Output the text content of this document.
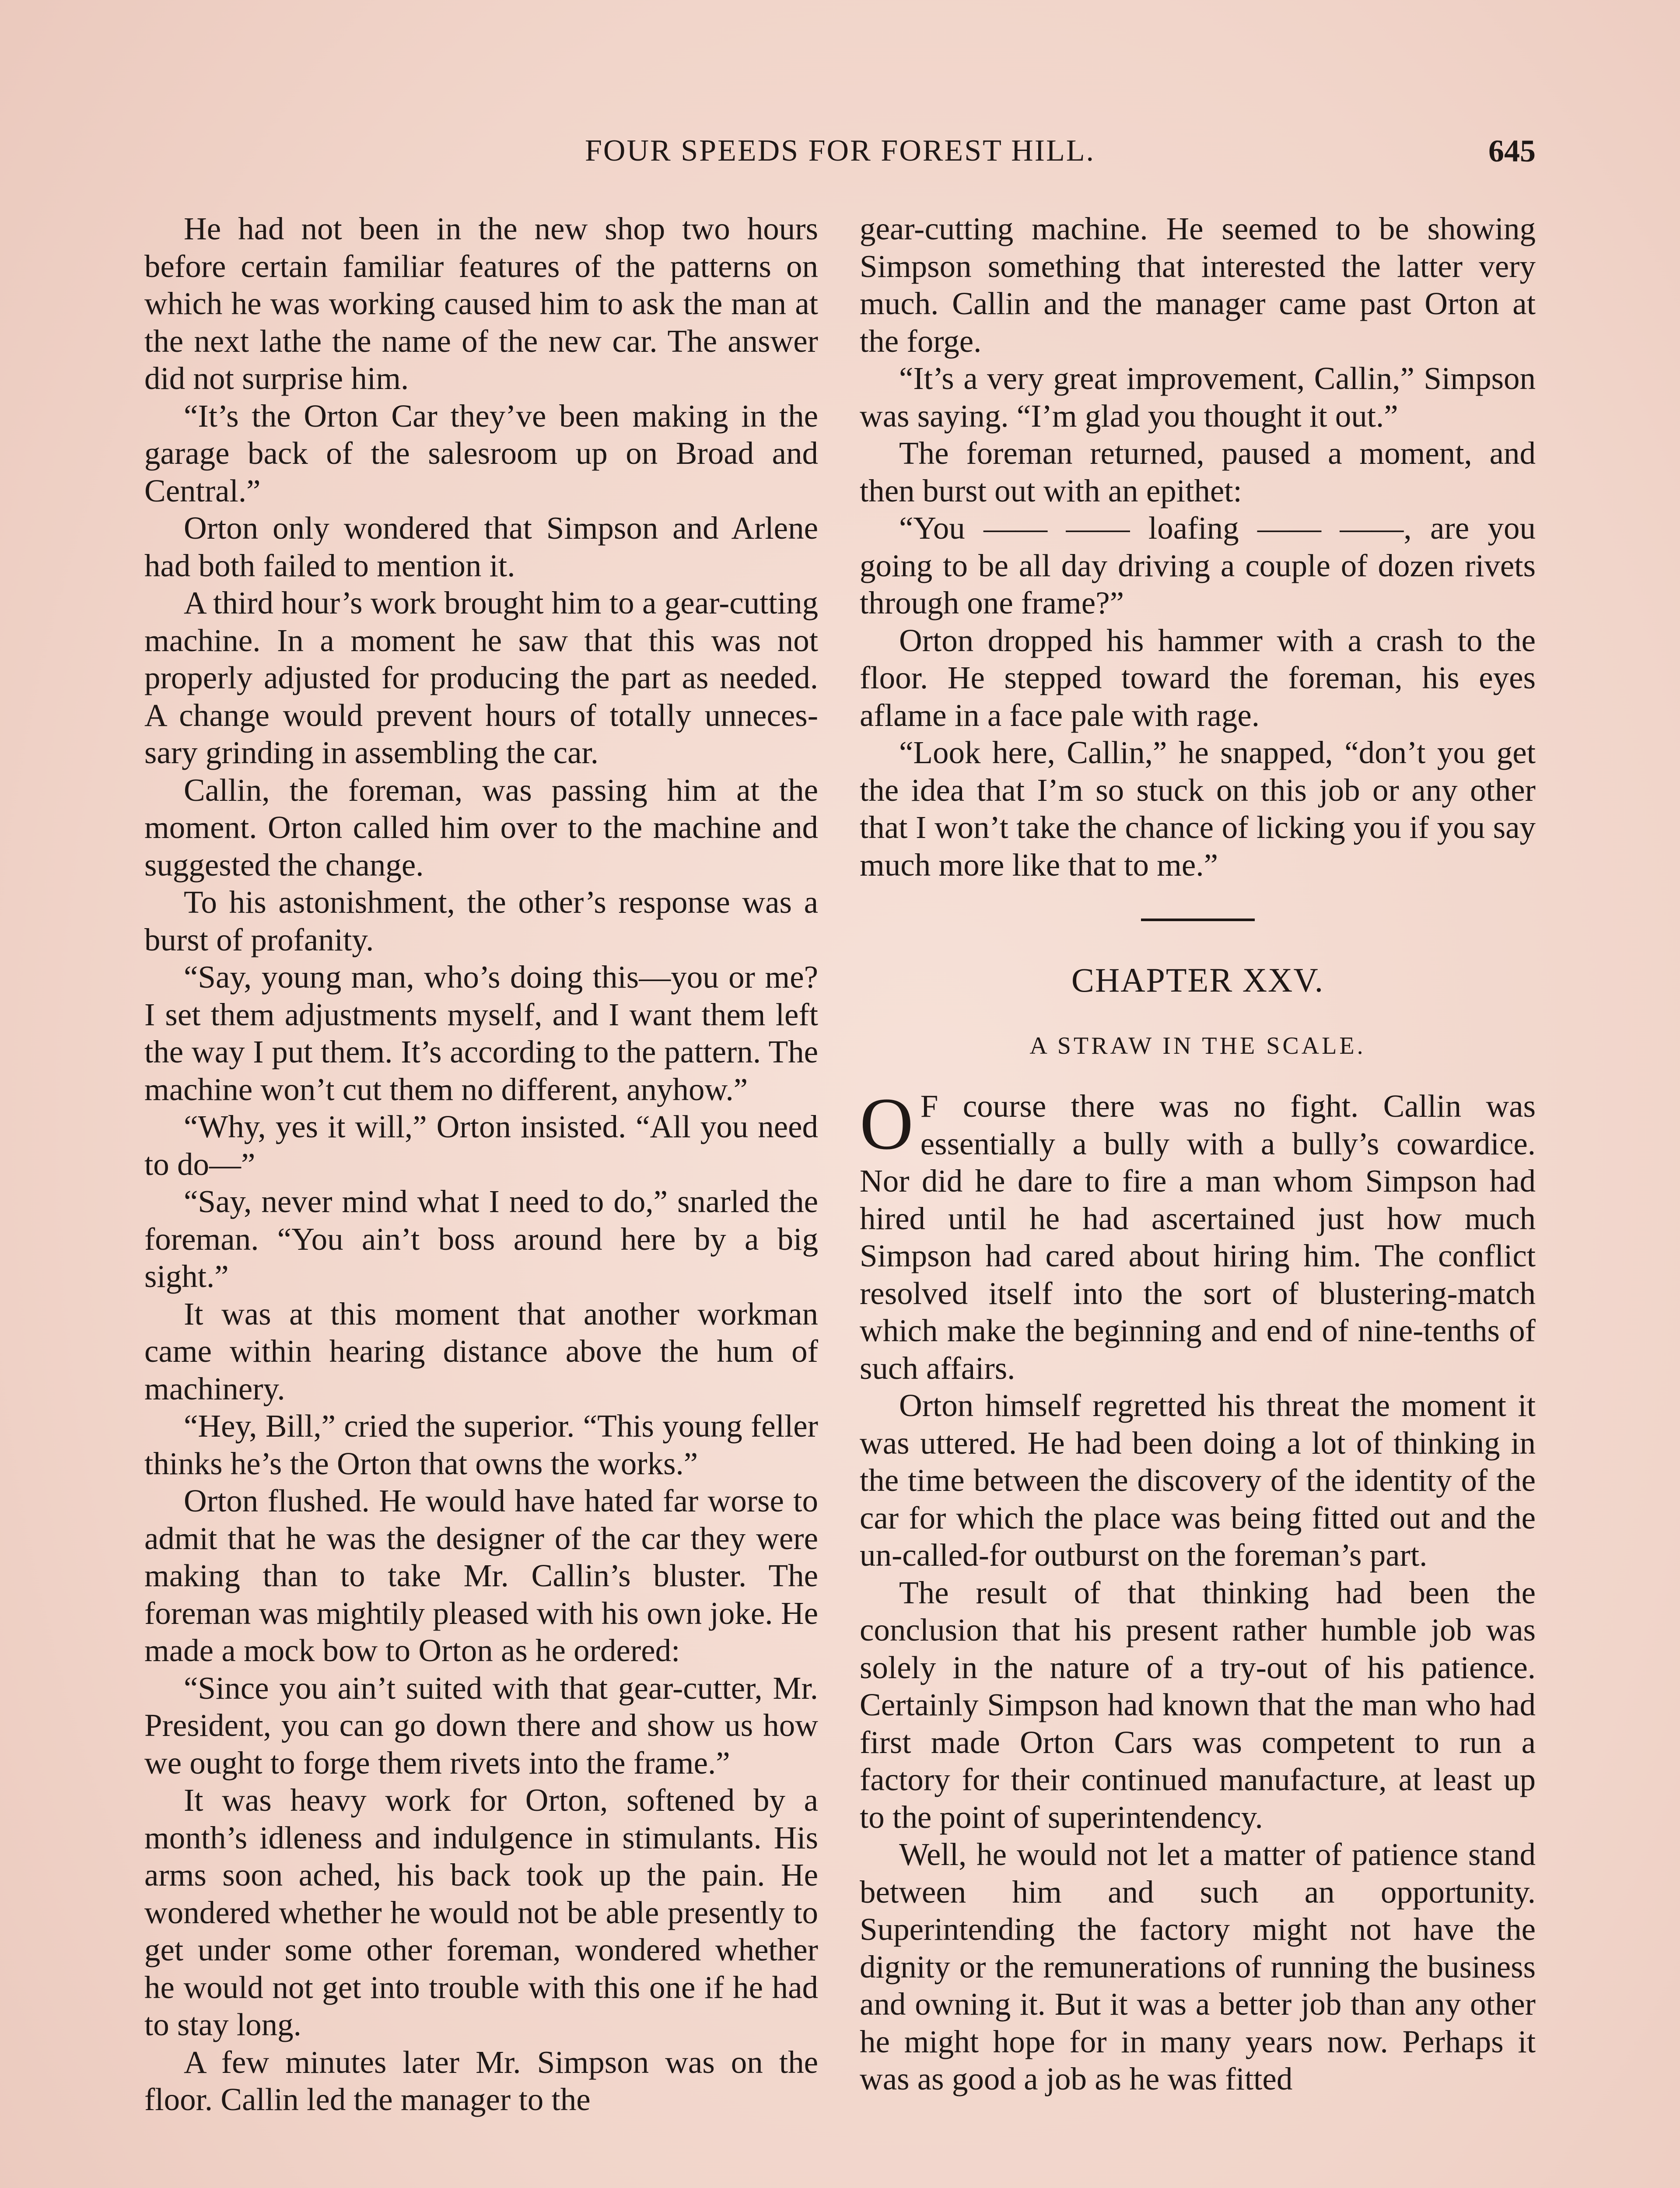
FOUR SPEEDS FOR FOREST HILL.	645

He had not been in the new shop two hours before certain familiar features of the patterns on which he was working caused him to ask the man at the next lathe the name of the new car. The answer did not surprise him.

“It’s the Orton Car they’ve been making in the garage back of the salesroom up on Broad and Central.”

Orton only wondered that Simpson and Arlene had both failed to mention it.

A third hour’s work brought him to a gear-cutting machine. In a moment he saw that this was not properly adjusted for producing the part as needed. A change would prevent hours of totally unnecessary grinding in assembling the car.

Callin, the foreman, was passing him at the moment. Orton called him over to the machine and suggested the change.

To his astonishment, the other’s response was a burst of profanity.

“Say, young man, who’s doing this—you or me? I set them adjustments myself, and I want them left the way I put them. It’s according to the pattern. The machine won’t cut them no different, anyhow.”

“Why, yes it will,” Orton insisted. “All you need to do—”

“Say, never mind what I need to do,” snarled the foreman. “You ain’t boss around here by a big sight.”

It was at this moment that another workman came within hearing distance above the hum of machinery.

“Hey, Bill,” cried the superior. “This young feller thinks he’s the Orton that owns the works.”

Orton flushed. He would have hated far worse to admit that he was the designer of the car they were making than to take Mr. Callin’s bluster. The foreman was mightily pleased with his own joke. He made a mock bow to Orton as he ordered:

“Since you ain’t suited with that gear-cutter, Mr. President, you can go down there and show us how we ought to forge them rivets into the frame.”

It was heavy work for Orton, softened by a month’s idleness and indulgence in stimulants. His arms soon ached, his back took up the pain. He wondered whether he would not be able presently to get under some other foreman, wondered whether he would not get into trouble with this one if he had to stay long.

A few minutes later Mr. Simpson was on the floor. Callin led the manager to the

gear-cutting machine. He seemed to be showing Simpson something that interested the latter very much. Callin and the manager came past Orton at the forge.

“It’s a very great improvement, Callin,” Simpson was saying. “I’m glad you thought it out.”

The foreman returned, paused a moment, and then burst out with an epithet:

“You —— —— loafing —— ——, are you going to be all day driving a couple of dozen rivets through one frame?”

Orton dropped his hammer with a crash to the floor. He stepped toward the foreman, his eyes aflame in a face pale with rage.

“Look here, Callin,” he snapped, “don’t you get the idea that I’m so stuck on this job or any other that I won’t take the chance of licking you if you say much more like that to me.”

CHAPTER XXV.
A STRAW IN THE SCALE.

O F course there was no fight. Callin was essentially a bully with a bully’s cowardice. Nor did he dare to fire a man whom Simpson had hired until he had ascertained just how much Simpson had cared about hiring him. The conflict resolved itself into the sort of blustering-match which make the beginning and end of nine-tenths of such affairs.

Orton himself regretted his threat the moment it was uttered. He had been doing a lot of thinking in the time between the discovery of the identity of the car for which the place was being fitted out and the un-called-for outburst on the foreman’s part.

The result of that thinking had been the conclusion that his present rather humble job was solely in the nature of a try-out of his patience. Certainly Simpson had known that the man who had first made Orton Cars was competent to run a factory for their continued manufacture, at least up to the point of superintendency.

Well, he would not let a matter of patience stand between him and such an opportunity. Superintending the factory might not have the dignity or the remunerations of running the business and owning it. But it was a better job than any other he might hope for in many years now. Perhaps it was as good a job as he was fitted
